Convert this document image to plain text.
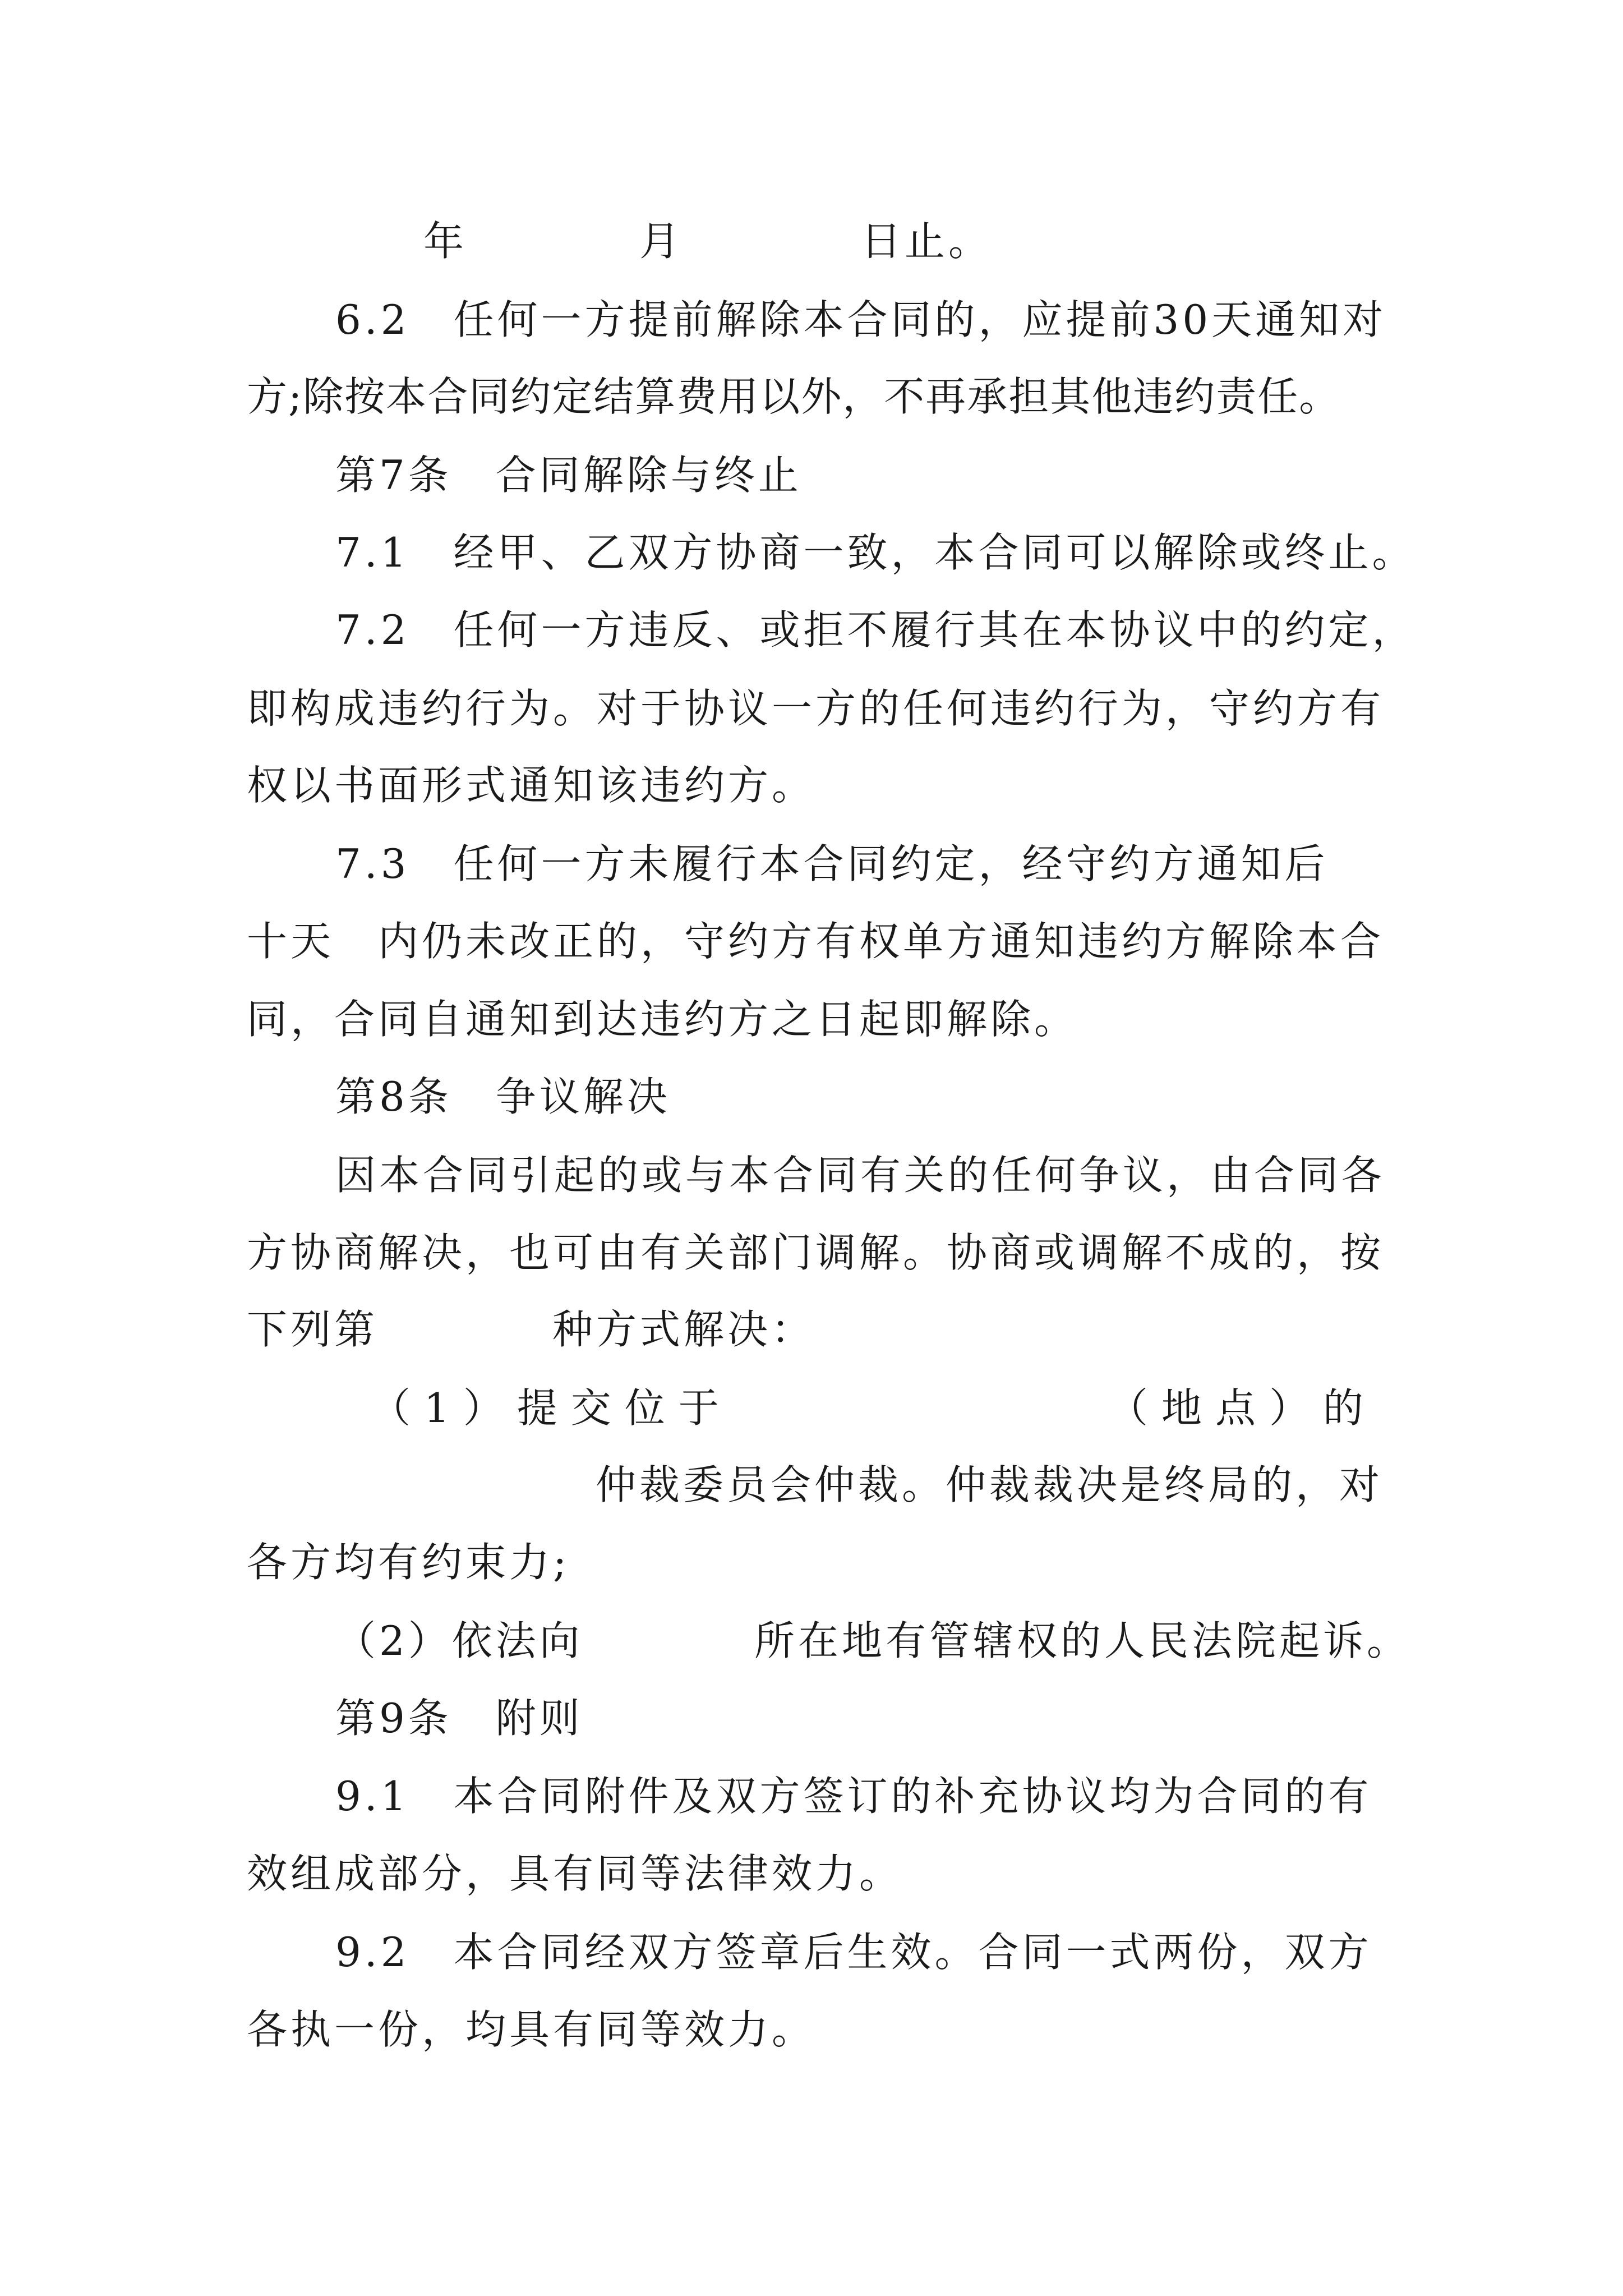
年	月	日止。
6.2　任何一方提前解除本合同的，应提前30天通知对
方;除按本合同约定结算费用以外，不再承担其他违约责任。
第7条　合同解除与终止
7.1　经甲、乙双方协商一致，本合同可以解除或终止。
7.2　任何一方违反、或拒不履行其在本协议中的约定，
即构成违约行为。对于协议一方的任何违约行为，守约方有
权以书面形式通知该违约方。
7.3　任何一方未履行本合同约定，经守约方通知后
十天　内仍未改正的，守约方有权单方通知违约方解除本合
同，合同自通知到达违约方之日起即解除。
第8条　争议解决
因本合同引起的或与本合同有关的任何争议，由合同各
方协商解决，也可由有关部门调解。协商或调解不成的，按
下列第	种方式解决：
（1）提交位于	（地点）的
仲裁委员会仲裁。仲裁裁决是终局的，对
各方均有约束力;
（2）依法向	所在地有管辖权的人民法院起诉。
第9条　附则
9.1　本合同附件及双方签订的补充协议均为合同的有
效组成部分，具有同等法律效力。
9.2　本合同经双方签章后生效。合同一式两份，双方
各执一份，均具有同等效力。
